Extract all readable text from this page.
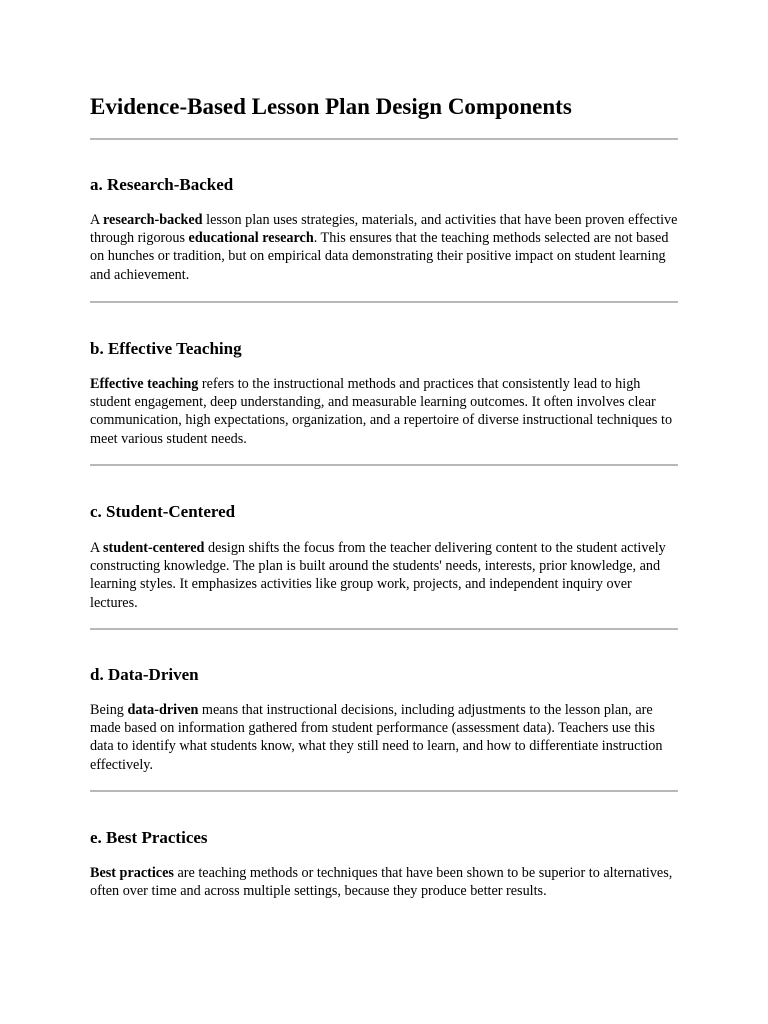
Evidence-Based Lesson Plan Design Components
a. Research-Backed

A research-backed lesson plan uses strategies, materials, and activities that have been proven effective through rigorous educational research. This ensures that the teaching methods selected are not based on hunches or tradition, but on empirical data demonstrating their positive impact on student learning and achievement.

b. Effective Teaching

Effective teaching refers to the instructional methods and practices that consistently lead to high student engagement, deep understanding, and measurable learning outcomes. It often involves clear communication, high expectations, organization, and a repertoire of diverse instructional techniques to meet various student needs.

c. Student-Centered

A student-centered design shifts the focus from the teacher delivering content to the student actively constructing knowledge. The plan is built around the students' needs, interests, prior knowledge, and learning styles. It emphasizes activities like group work, projects, and independent inquiry over lectures.

d. Data-Driven

Being data-driven means that instructional decisions, including adjustments to the lesson plan, are made based on information gathered from student performance (assessment data). Teachers use this data to identify what students know, what they still need to learn, and how to differentiate instruction effectively.

e. Best Practices

Best practices are teaching methods or techniques that have been shown to be superior to alternatives, often over time and across multiple settings, because they produce better results.
